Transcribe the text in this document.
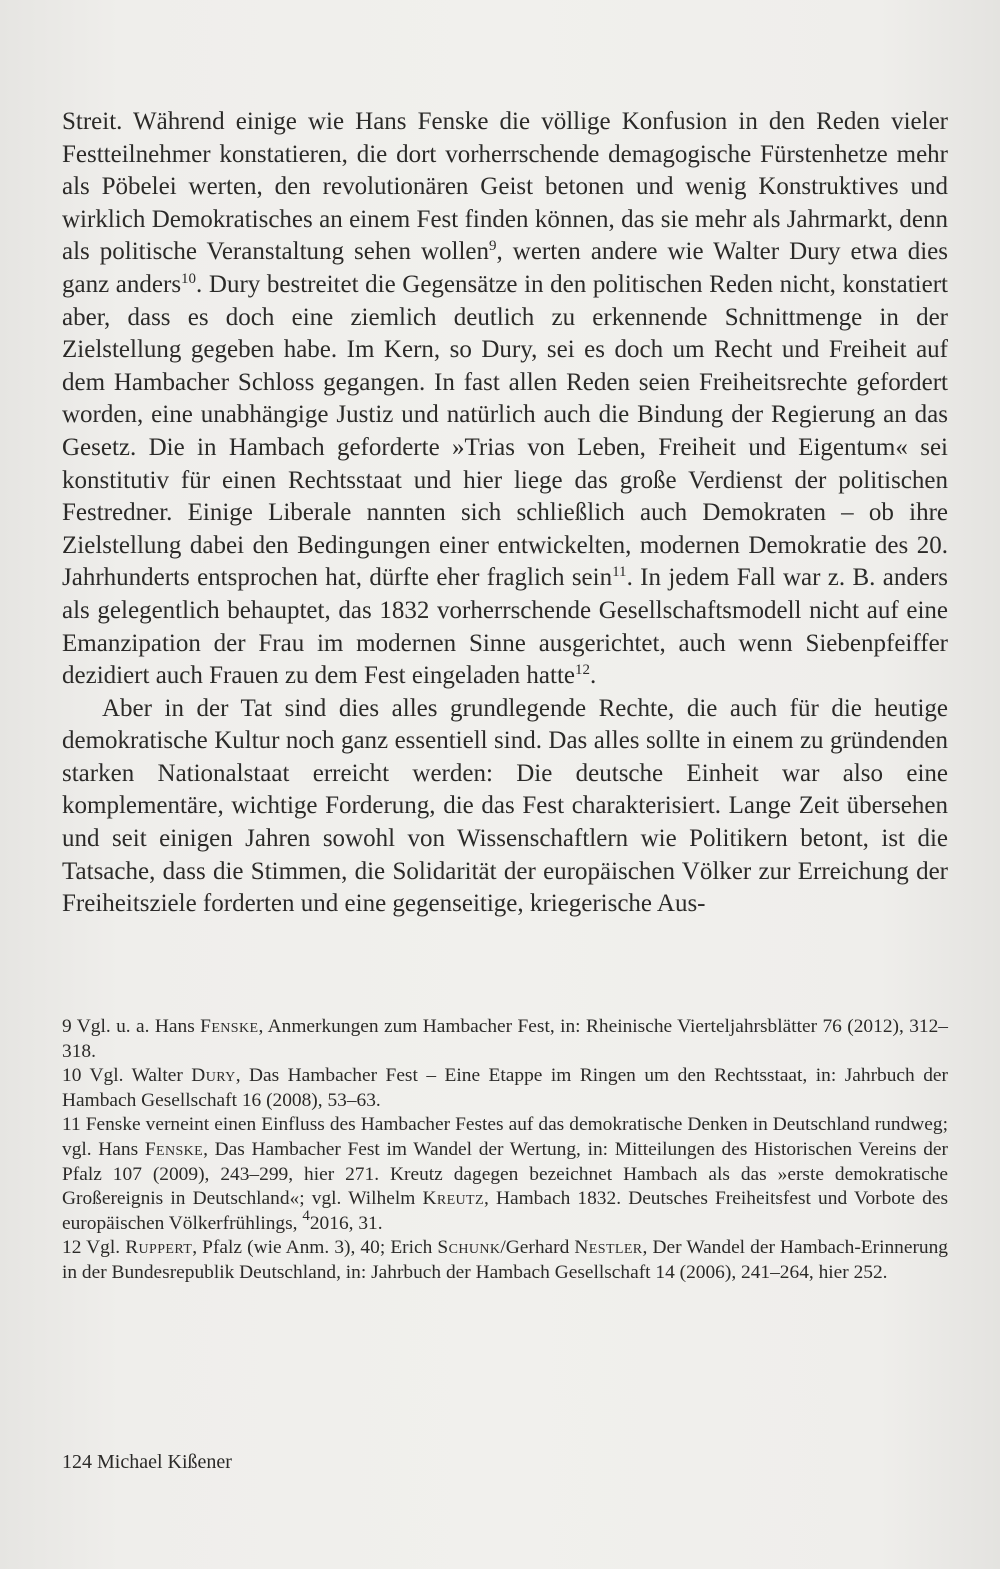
Streit. Während einige wie Hans Fenske die völlige Konfusion in den Reden vieler Festteilnehmer konstatieren, die dort vorherrschende demagogische Fürstenhetze mehr als Pöbelei werten, den revolutionären Geist betonen und wenig Konstruktives und wirklich Demokratisches an einem Fest finden können, das sie mehr als Jahrmarkt, denn als politische Veranstaltung sehen wollen$^9$, werten andere wie Walter Dury etwa dies ganz anders$^{10}$. Dury bestreitet die Gegensätze in den politischen Reden nicht, konstatiert aber, dass es doch eine ziemlich deutlich zu erkennende Schnittmenge in der Zielstellung gegeben habe. Im Kern, so Dury, sei es doch um Recht und Freiheit auf dem Hambacher Schloss gegangen. In fast allen Reden seien Freiheitsrechte gefordert worden, eine unabhängige Justiz und natürlich auch die Bindung der Regierung an das Gesetz. Die in Hambach geforderte »Trias von Leben, Freiheit und Eigentum« sei konstitutiv für einen Rechtsstaat und hier liege das große Verdienst der politischen Festredner. Einige Liberale nannten sich schließlich auch Demokraten – ob ihre Zielstellung dabei den Bedingungen einer entwickelten, modernen Demokratie des 20. Jahrhunderts entsprochen hat, dürfte eher fraglich sein$^{11}$. In jedem Fall war z. B. anders als gelegentlich behauptet, das 1832 vorherrschende Gesellschaftsmodell nicht auf eine Emanzipation der Frau im modernen Sinne ausgerichtet, auch wenn Siebenpfeiffer dezidiert auch Frauen zu dem Fest eingeladen hatte$^{12}$.

Aber in der Tat sind dies alles grundlegende Rechte, die auch für die heutige demokratische Kultur noch ganz essentiell sind. Das alles sollte in einem zu gründenden starken Nationalstaat erreicht werden: Die deutsche Einheit war also eine komplementäre, wichtige Forderung, die das Fest charakterisiert. Lange Zeit übersehen und seit einigen Jahren sowohl von Wissenschaftlern wie Politikern betont, ist die Tatsache, dass die Stimmen, die Solidarität der europäischen Völker zur Erreichung der Freiheitsziele forderten und eine gegenseitige, kriegerische Aus-

9 Vgl. u. a. Hans Fenske, Anmerkungen zum Hambacher Fest, in: Rheinische Vierteljahrsblätter 76 (2012), 312–318.

10 Vgl. Walter Dury, Das Hambacher Fest – Eine Etappe im Ringen um den Rechtsstaat, in: Jahrbuch der Hambach Gesellschaft 16 (2008), 53–63.

11 Fenske verneint einen Einfluss des Hambacher Festes auf das demokratische Denken in Deutschland rundweg; vgl. Hans Fenske, Das Hambacher Fest im Wandel der Wertung, in: Mitteilungen des Historischen Vereins der Pfalz 107 (2009), 243–299, hier 271. Kreutz dagegen bezeichnet Hambach als das »erste demokratische Großereignis in Deutschland«; vgl. Wilhelm Kreutz, Hambach 1832. Deutsches Freiheitsfest und Vorbote des europäischen Völkerfrühlings, $^4$2016, 31.

12 Vgl. Ruppert, Pfalz (wie Anm. 3), 40; Erich Schunk/Gerhard Nestler, Der Wandel der Hambach-Erinnerung in der Bundesrepublik Deutschland, in: Jahrbuch der Hambach Gesellschaft 14 (2006), 241–264, hier 252.

124 Michael Kißener
